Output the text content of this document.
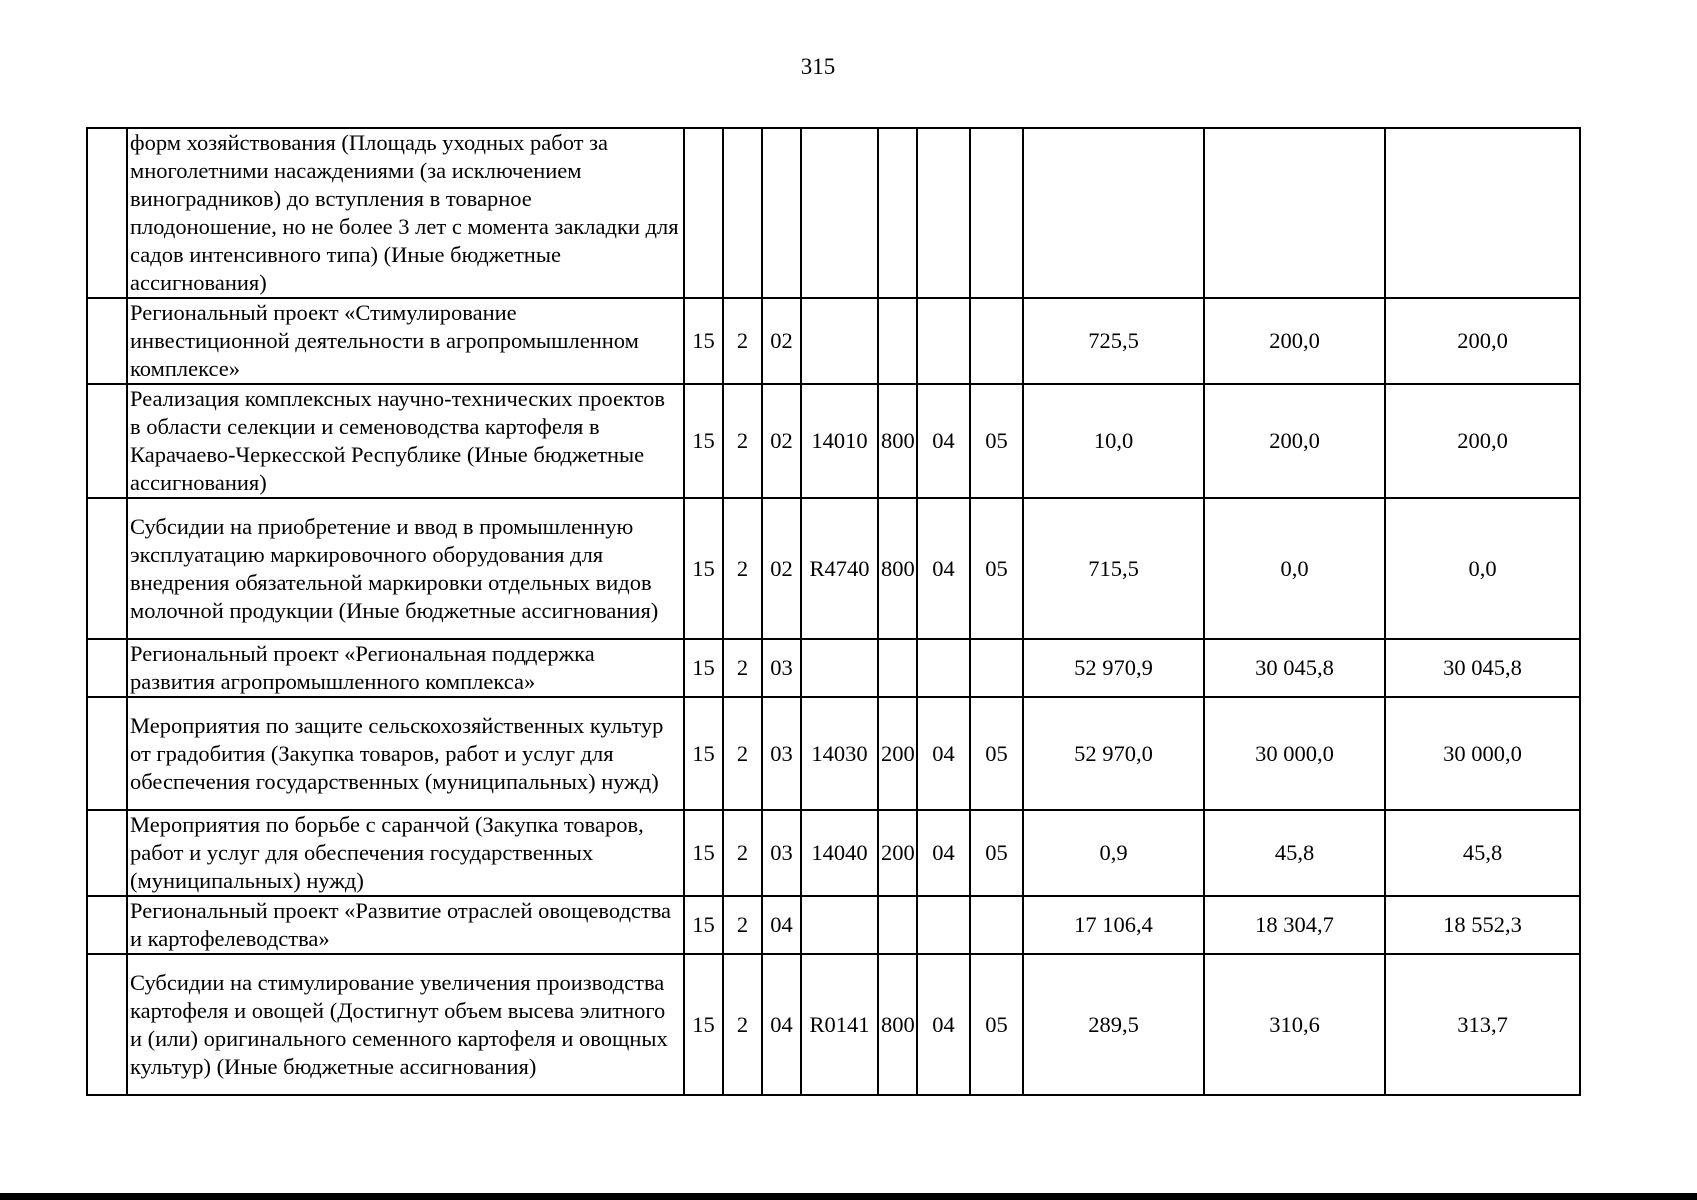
315
	форм хозяйствования (Площадь уходных работ за многолетними насаждениями (за исключением виноградников) до вступления в товарное плодоношение, но не более 3 лет с момента закладки для садов интенсивного типа) (Иные бюджетные ассигнования)										
	Региональный проект «Стимулирование инвестиционной деятельности в агропромышленном комплексе»	15	2	02					725,5	200,0	200,0
	Реализация комплексных научно-технических проектов в области селекции и семеноводства картофеля в Карачаево-Черкесской Республике (Иные бюджетные ассигнования)	15	2	02	14010	800	04	05	10,0	200,0	200,0
	Субсидии на приобретение и ввод в промышленную эксплуатацию маркировочного оборудования для внедрения обязательной маркировки отдельных видов молочной продукции (Иные бюджетные ассигнования)	15	2	02	R4740	800	04	05	715,5	0,0	0,0
	Региональный проект «Региональная поддержка развития агропромышленного комплекса»	15	2	03					52 970,9	30 045,8	30 045,8
	Мероприятия по защите сельскохозяйственных культур от градобития (Закупка товаров, работ и услуг для обеспечения государственных (муниципальных) нужд)	15	2	03	14030	200	04	05	52 970,0	30 000,0	30 000,0
	Мероприятия по борьбе с саранчой (Закупка товаров, работ и услуг для обеспечения государственных (муниципальных) нужд)	15	2	03	14040	200	04	05	0,9	45,8	45,8
	Региональный проект «Развитие отраслей овощеводства и картофелеводства»	15	2	04					17 106,4	18 304,7	18 552,3
	Субсидии на стимулирование увеличения производства картофеля и овощей (Достигнут объем высева элитного и (или) оригинального семенного картофеля и овощных культур) (Иные бюджетные ассигнования)	15	2	04	R0141	800	04	05	289,5	310,6	313,7
